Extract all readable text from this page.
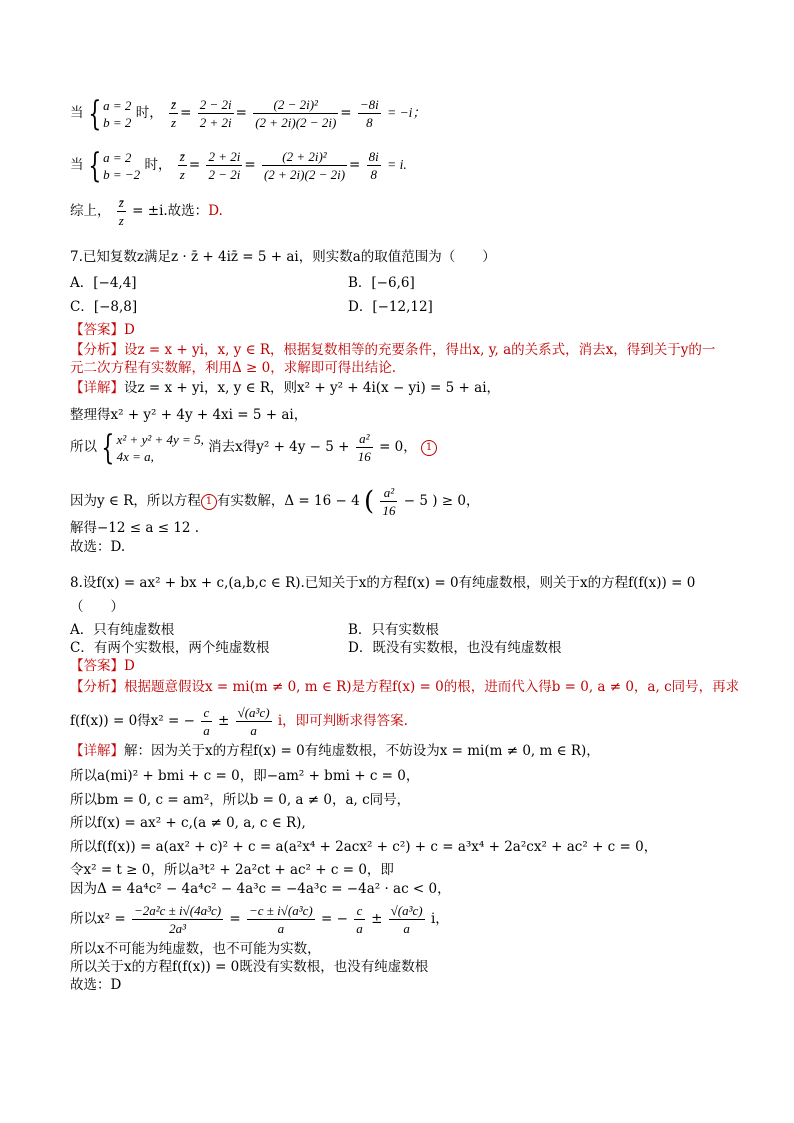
当 { a = 2
b = 2
时， $\frac{z̄}{z} = \frac{2 - 2i}{2 + 2i} = \frac{\text{(2 − 2i)²}}{(2 + 2i)(2 - 2i)} = \frac{-8i}{8} = -i$；
当 { a = 2
b = −2
时， $\frac{z̄}{z} = \frac{2 + 2i}{2 - 2i} = \frac{\text{(2 + 2i)²}}{(2 + 2i)(2 - 2i)} = \frac{8i}{8} = i$.
综上， $\frac{z̄}{z} = \pm i$.故选：D.
7.已知复数z满足z · z̄ + 4iz̄ = 5 + ai，则实数a的取值范围为（　　）
A．[−4,4]	B．[−6,6]
C．[−8,8]	D．[−12,12]
【答案】D
【分析】设z = x + yi，x, y ∈ R，根据复数相等的充要条件，得出x, y, a的关系式，消去x，得到关于y的一
元二次方程有实数解，利用Δ ≥ 0，求解即可得出结论.
【详解】设z = x + yi，x, y ∈ R，则x² + y² + 4i(x − yi) = 5 + ai，
整理得x² + y² + 4y + 4xi = 5 + ai，
所以 { x² + y² + 4y = 5,
4x = a,
消去x得$y^2 + 4y - 5 + \frac{\text{a²}}{16} = 0$， 1
因为y ∈ R，所以方程 1 有实数解，Δ = 16 − 4 ( $\frac{\text{a²}}{16} - 5$ ) ≥ 0，
解得−12 ≤ a ≤ 12 .
故选：D.
8.设f(x) = ax² + bx + c,(a,b,c ∈ R).已知关于x的方程f(x) = 0有纯虚数根，则关于x的方程f(f(x)) = 0
（　　）
A．只有纯虚数根	B．只有实数根
C．有两个实数根，两个纯虚数根	D．既没有实数根，也没有纯虚数根
【答案】D
【分析】根据题意假设x = mi(m ≠ 0, m ∈ R)是方程f(x) = 0的根，进而代入得b = 0, a ≠ 0，a, c同号，再求
f(f(x)) = 0得x² = − $\frac{c}{a} \pm \frac{\text{√(a³c)}}{a}$ i，即可判断求得答案.
【详解】解：因为关于x的方程f(x) = 0有纯虚数根，不妨设为x = mi(m ≠ 0, m ∈ R)，
所以a(mi)² + bmi + c = 0，即−am² + bmi + c = 0，
所以bm = 0, c = am²，所以b = 0, a ≠ 0，a, c同号，
所以f(x) = ax² + c,(a ≠ 0, a, c ∈ R),
所以f(f(x)) = a(ax² + c)² + c = a(a²x⁴ + 2acx² + c²) + c = a³x⁴ + 2a²cx² + ac² + c = 0，
令x² = t ≥ 0，所以a³t² + 2a²ct + ac² + c = 0，即
因为Δ = 4a⁴c² − 4a⁴c² − 4a³c = −4a³c = −4a² · ac < 0，
所以$x^2 = \frac{\text{−2a²c ± i√(4a³c)}}{\text{2a³}} = \frac{\text{−c ± i√(a³c)}}{a}$ = − $\frac{c}{a} \pm \frac{\text{√(a³c)}}{a}$ i，
所以x不可能为纯虚数，也不可能为实数，
所以关于x的方程f(f(x)) = 0既没有实数根，也没有纯虚数根
故选：D
